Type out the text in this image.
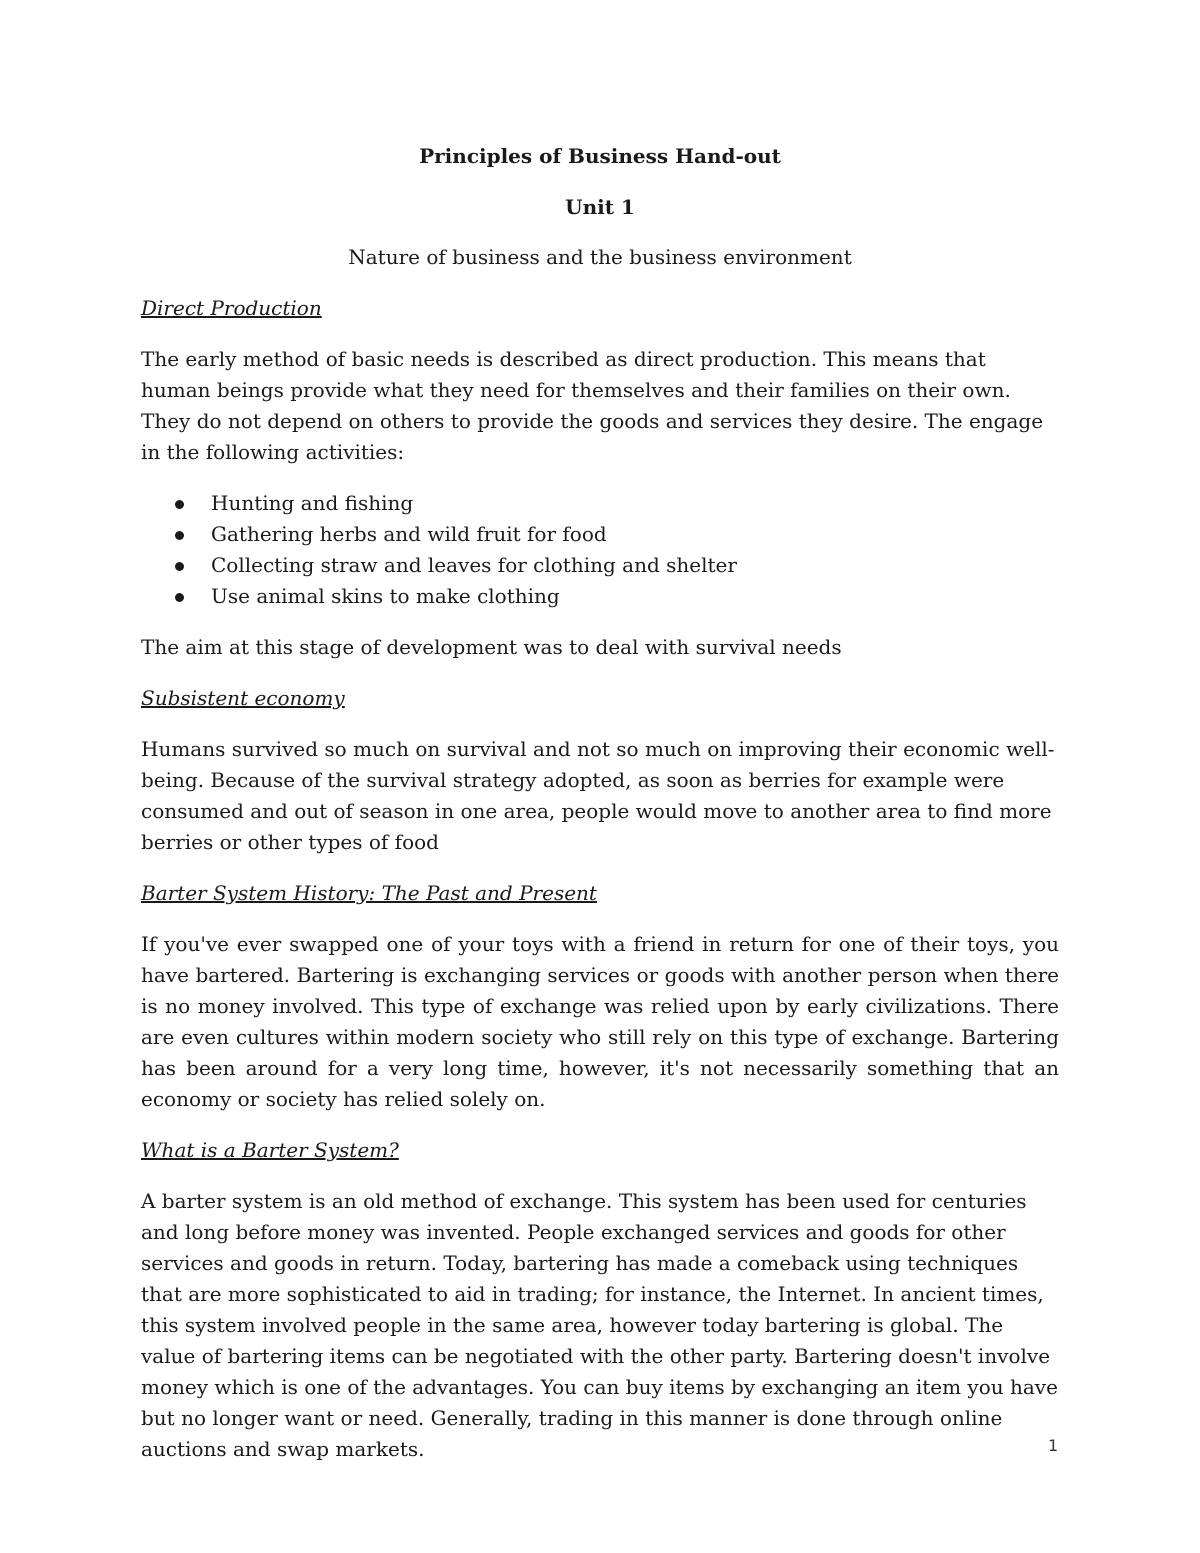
Principles of Business Hand-out
Unit 1
Nature of business and the business environment
Direct Production
The early method of basic needs is described as direct production. This means that human beings provide what they need for themselves and their families on their own. They do not depend on others to provide the goods and services they desire. The engage in the following activities:
Hunting and fishing
Gathering herbs and wild fruit for food
Collecting straw and leaves for clothing and shelter
Use animal skins to make clothing
The aim at this stage of development was to deal with survival needs
Subsistent economy
Humans survived so much on survival and not so much on improving their economic well-being. Because of the survival strategy adopted, as soon as berries for example were consumed and out of season in one area, people would move to another area to find more berries or other types of food
Barter System History: The Past and Present
If you've ever swapped one of your toys with a friend in return for one of their toys, you have bartered. Bartering is exchanging services or goods with another person when there is no money involved. This type of exchange was relied upon by early civilizations. There are even cultures within modern society who still rely on this type of exchange. Bartering has been around for a very long time, however, it's not necessarily something that an economy or society has relied solely on.
What is a Barter System?
A barter system is an old method of exchange. This system has been used for centuries and long before money was invented. People exchanged services and goods for other services and goods in return. Today, bartering has made a comeback using techniques that are more sophisticated to aid in trading; for instance, the Internet. In ancient times, this system involved people in the same area, however today bartering is global. The value of bartering items can be negotiated with the other party. Bartering doesn't involve money which is one of the advantages. You can buy items by exchanging an item you have but no longer want or need. Generally, trading in this manner is done through online auctions and swap markets.	1
